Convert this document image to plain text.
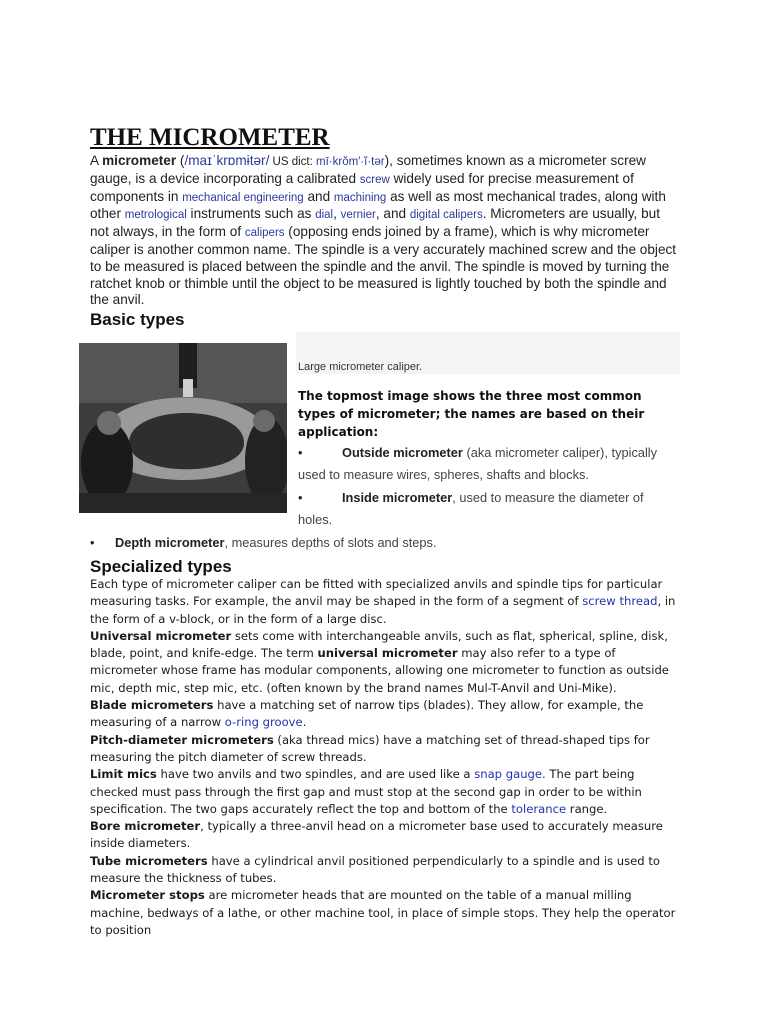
THE MICROMETER
A micrometer (/maɪˈkrɒmɨtər/ US dict: mī·krŏm′·ĭ·tər), sometimes known as a micrometer screw gauge, is a device incorporating a calibrated screw widely used for precise measurement of components in mechanical engineering and machining as well as most mechanical trades, along with other metrological instruments such as dial, vernier, and digital calipers. Micrometers are usually, but not always, in the form of calipers (opposing ends joined by a frame), which is why micrometer caliper is another common name. The spindle is a very accurately machined screw and the object to be measured is placed between the spindle and the anvil. The spindle is moved by turning the ratchet knob or thimble until the object to be measured is lightly touched by both the spindle and the anvil.
Basic types
Large micrometer caliper.
The topmost image shows the three most common types of micrometer; the names are based on their application:
•	Outside micrometer (aka micrometer caliper), typically used to measure wires, spheres, shafts and blocks.
•	Inside micrometer, used to measure the diameter of holes.
• Depth micrometer, measures depths of slots and steps.
Specialized types

Each type of micrometer caliper can be fitted with specialized anvils and spindle tips for particular measuring tasks. For example, the anvil may be shaped in the form of a segment of screw thread, in the form of a v-block, or in the form of a large disc.

Universal micrometer sets come with interchangeable anvils, such as flat, spherical, spline, disk, blade, point, and knife-edge. The term universal micrometer may also refer to a type of micrometer whose frame has modular components, allowing one micrometer to function as outside mic, depth mic, step mic, etc. (often known by the brand names Mul-T-Anvil and Uni-Mike).

Blade micrometers have a matching set of narrow tips (blades). They allow, for example, the measuring of a narrow o-ring groove.

Pitch-diameter micrometers (aka thread mics) have a matching set of thread-shaped tips for measuring the pitch diameter of screw threads.

Limit mics have two anvils and two spindles, and are used like a snap gauge. The part being checked must pass through the first gap and must stop at the second gap in order to be within specification. The two gaps accurately reflect the top and bottom of the tolerance range.

Bore micrometer, typically a three-anvil head on a micrometer base used to accurately measure inside diameters.

Tube micrometers have a cylindrical anvil positioned perpendicularly to a spindle and is used to measure the thickness of tubes.

Micrometer stops are micrometer heads that are mounted on the table of a manual milling machine, bedways of a lathe, or other machine tool, in place of simple stops. They help the operator to position
